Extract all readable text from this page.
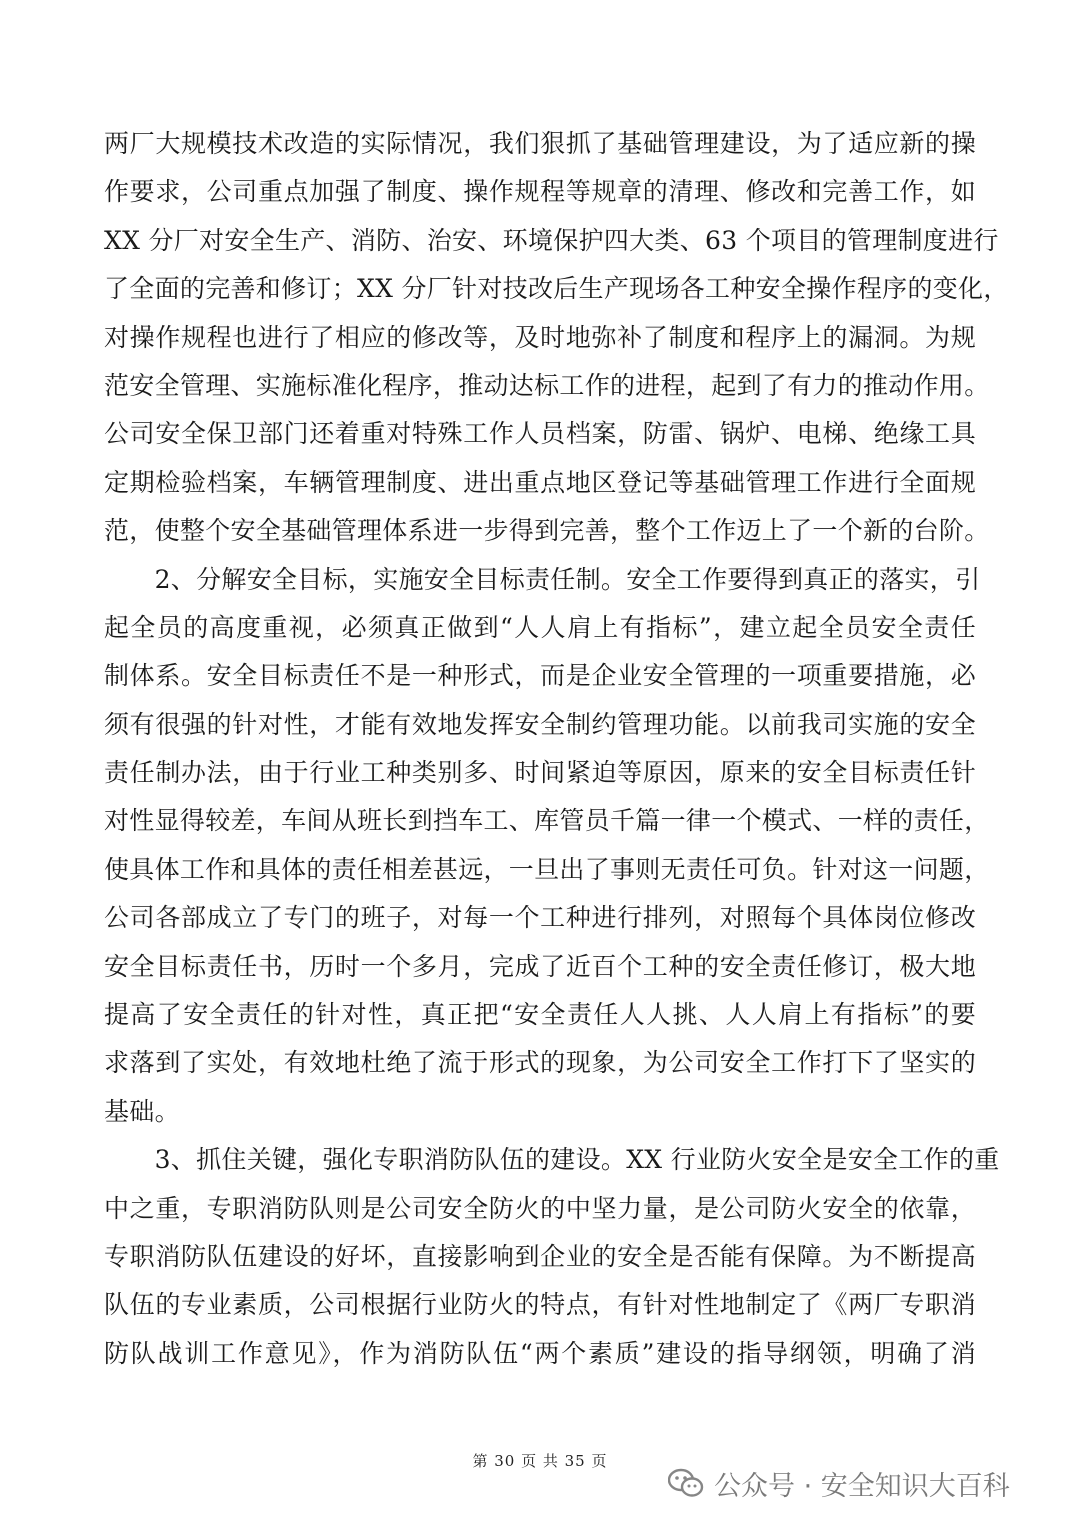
两厂大规模技术改造的实际情况，我们狠抓了基础管理建设，为了适应新的操
作要求，公司重点加强了制度、操作规程等规章的清理、修改和完善工作，如
XX 分厂对安全生产、消防、治安、环境保护四大类、63 个项目的管理制度进行
了全面的完善和修订；XX 分厂针对技改后生产现场各工种安全操作程序的变化，
对操作规程也进行了相应的修改等，及时地弥补了制度和程序上的漏洞。为规
范安全管理、实施标准化程序，推动达标工作的进程，起到了有力的推动作用。
公司安全保卫部门还着重对特殊工作人员档案，防雷、锅炉、电梯、绝缘工具
定期检验档案，车辆管理制度、进出重点地区登记等基础管理工作进行全面规
范，使整个安全基础管理体系进一步得到完善，整个工作迈上了一个新的台阶。
　　2、分解安全目标，实施安全目标责任制。安全工作要得到真正的落实，引
起全员的高度重视，必须真正做到“人人肩上有指标”，建立起全员安全责任
制体系。安全目标责任不是一种形式，而是企业安全管理的一项重要措施，必
须有很强的针对性，才能有效地发挥安全制约管理功能。以前我司实施的安全
责任制办法，由于行业工种类别多、时间紧迫等原因，原来的安全目标责任针
对性显得较差，车间从班长到挡车工、库管员千篇一律一个模式、一样的责任，
使具体工作和具体的责任相差甚远，一旦出了事则无责任可负。针对这一问题，
公司各部成立了专门的班子，对每一个工种进行排列，对照每个具体岗位修改
安全目标责任书，历时一个多月，完成了近百个工种的安全责任修订，极大地
提高了安全责任的针对性，真正把“安全责任人人挑、人人肩上有指标”的要
求落到了实处，有效地杜绝了流于形式的现象，为公司安全工作打下了坚实的
基础。
　　3、抓住关键，强化专职消防队伍的建设。XX 行业防火安全是安全工作的重
中之重，专职消防队则是公司安全防火的中坚力量，是公司防火安全的依靠，
专职消防队伍建设的好坏，直接影响到企业的安全是否能有保障。为不断提高
队伍的专业素质，公司根据行业防火的特点，有针对性地制定了《两厂专职消
防队战训工作意见》，作为消防队伍“两个素质”建设的指导纲领，明确了消
第 30 页 共 35 页
公众号 · 安全知识大百科
